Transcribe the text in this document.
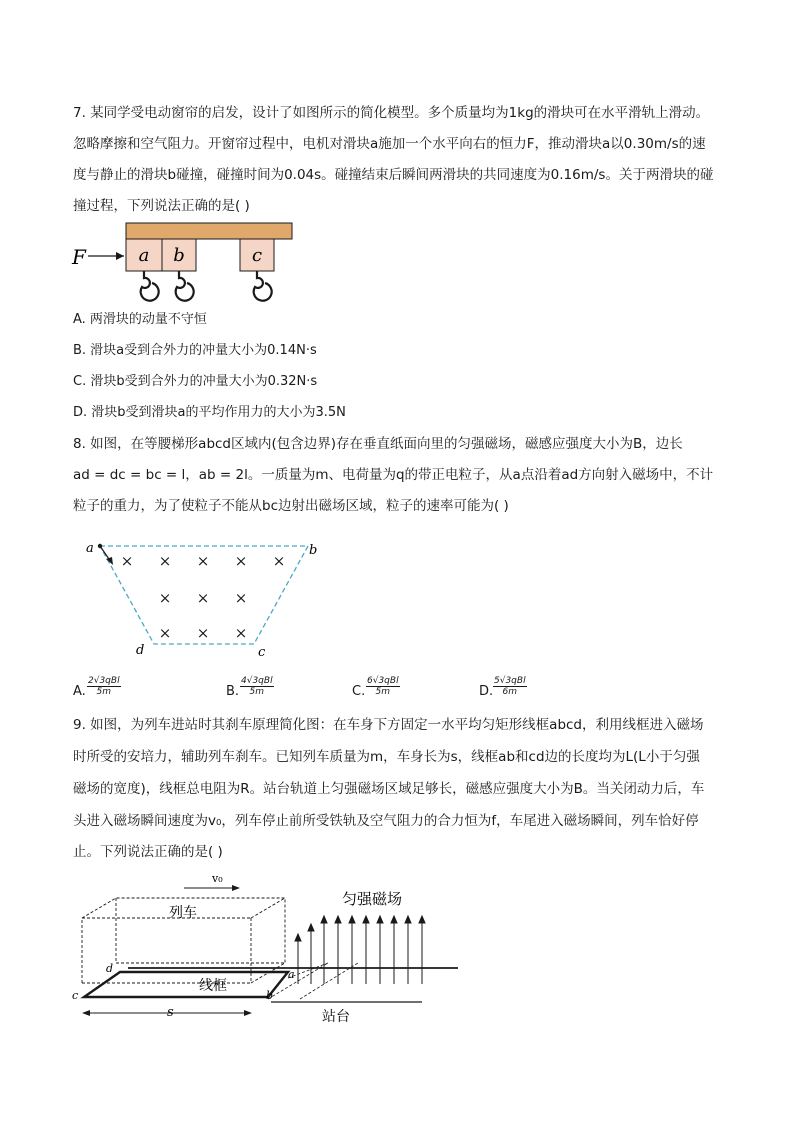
7. 某同学受电动窗帘的启发，设计了如图所示的简化模型。多个质量均为1kg的滑块可在水平滑轨上滑动。
忽略摩擦和空气阻力。开窗帘过程中，电机对滑块a施加一个水平向右的恒力F，推动滑块a以0.30m/s的速
度与静止的滑块b碰撞，碰撞时间为0.04s。碰撞结束后瞬间两滑块的共同速度为0.16m/s。关于两滑块的碰
撞过程，下列说法正确的是( )
a b	c
F
A. 两滑块的动量不守恒
B. 滑块a受到合外力的冲量大小为0.14N·s
C. 滑块b受到合外力的冲量大小为0.32N·s
D. 滑块b受到滑块a的平均作用力的大小为3.5N
8. 如图，在等腰梯形abcd区域内(包含边界)存在垂直纸面向里的匀强磁场，磁感应强度大小为B，边长
ad = dc = bc = l，ab = 2l。一质量为m、电荷量为q的带正电粒子，从a点沿着ad方向射入磁场中，不计
粒子的重力，为了使粒子不能从bc边射出磁场区域，粒子的速率可能为( )
a	b
c
d
× × × × ×
× × ×
× × ×
A.
2√3qBl
5m	B.
4√3qBl
5m	C.
6√3qBl
5m	D.
5√3qBl
6m
9. 如图，为列车进站时其刹车原理简化图：在车身下方固定一水平均匀矩形线框abcd，利用线框进入磁场
时所受的安培力，辅助列车刹车。已知列车质量为m，车身长为s，线框ab和cd边的长度均为L(L小于匀强
磁场的宽度)，线框总电阻为R。站台轨道上匀强磁场区域足够长，磁感应强度大小为B。当关闭动力后，车
头进入磁场瞬间速度为v₀，列车停止前所受铁轨及空气阻力的合力恒为f，车尾进入磁场瞬间，列车恰好停
止。下列说法正确的是( )
v₀
列车
线框
a
b
c
d
匀强磁场
站台
s
